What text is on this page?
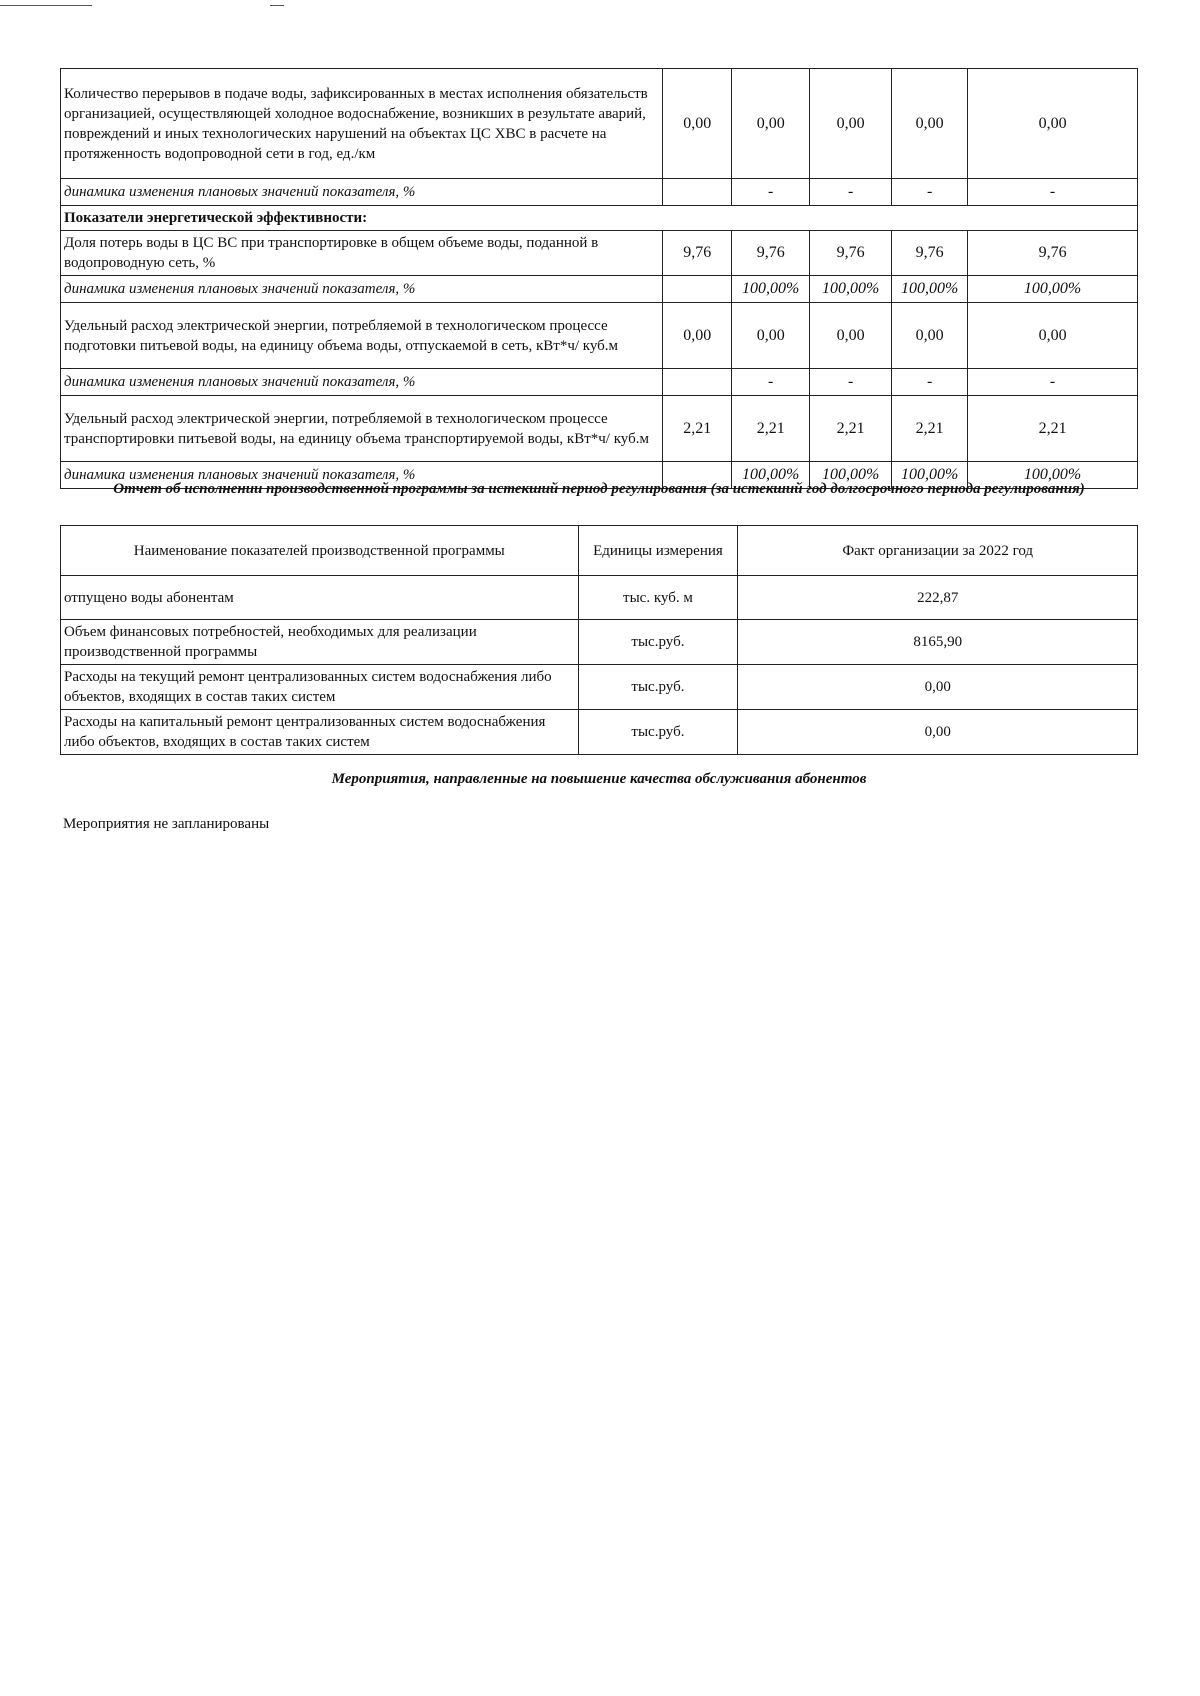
Количество перерывов в подаче воды, зафиксированных в местах исполнения обязательств организацией, осуществляющей холодное водоснабжение, возникших в результате аварий, повреждений и иных технологических нарушений на объектах ЦС ХВС в расчете на протяженность водопроводной сети в год, ед./км	0,00	0,00	0,00	0,00	0,00
динамика изменения плановых значений показателя, %		-	-	-	-
Показатели энергетической эффективности:					
Доля потерь воды в ЦС ВС при транспортировке в общем объеме воды, поданной в водопроводную сеть, %	9,76	9,76	9,76	9,76	9,76
динамика изменения плановых значений показателя, %		100,00%	100,00%	100,00%	100,00%
Удельный расход электрической энергии, потребляемой в технологическом процессе подготовки питьевой воды, на единицу объема воды, отпускаемой в сеть, кВт*ч/ куб.м	0,00	0,00	0,00	0,00	0,00
динамика изменения плановых значений показателя, %		-	-	-	-
Удельный расход электрической энергии, потребляемой в технологическом процессе транспортировки питьевой воды, на единицу объема транспортируемой воды, кВт*ч/ куб.м	2,21	2,21	2,21	2,21	2,21
динамика изменения плановых значений показателя, %		100,00%	100,00%	100,00%	100,00%
Отчет об исполнении производственной программы за истекший период регулирования (за истекший год долгосрочного периода регулирования)
Наименование показателей производственной программы	Единицы измерения	Факт организации за 2022 год
отпущено воды абонентам	тыс. куб. м	222,87
Объем финансовых потребностей, необходимых для реализации производственной программы	тыс.руб.	8165,90
Расходы на текущий ремонт централизованных систем водоснабжения либо объектов, входящих в состав таких систем	тыс.руб.	0,00
Расходы на капитальный ремонт централизованных систем водоснабжения либо объектов, входящих в состав таких систем	тыс.руб.	0,00
Мероприятия, направленные на повышение качества обслуживания абонентов
Мероприятия не запланированы
